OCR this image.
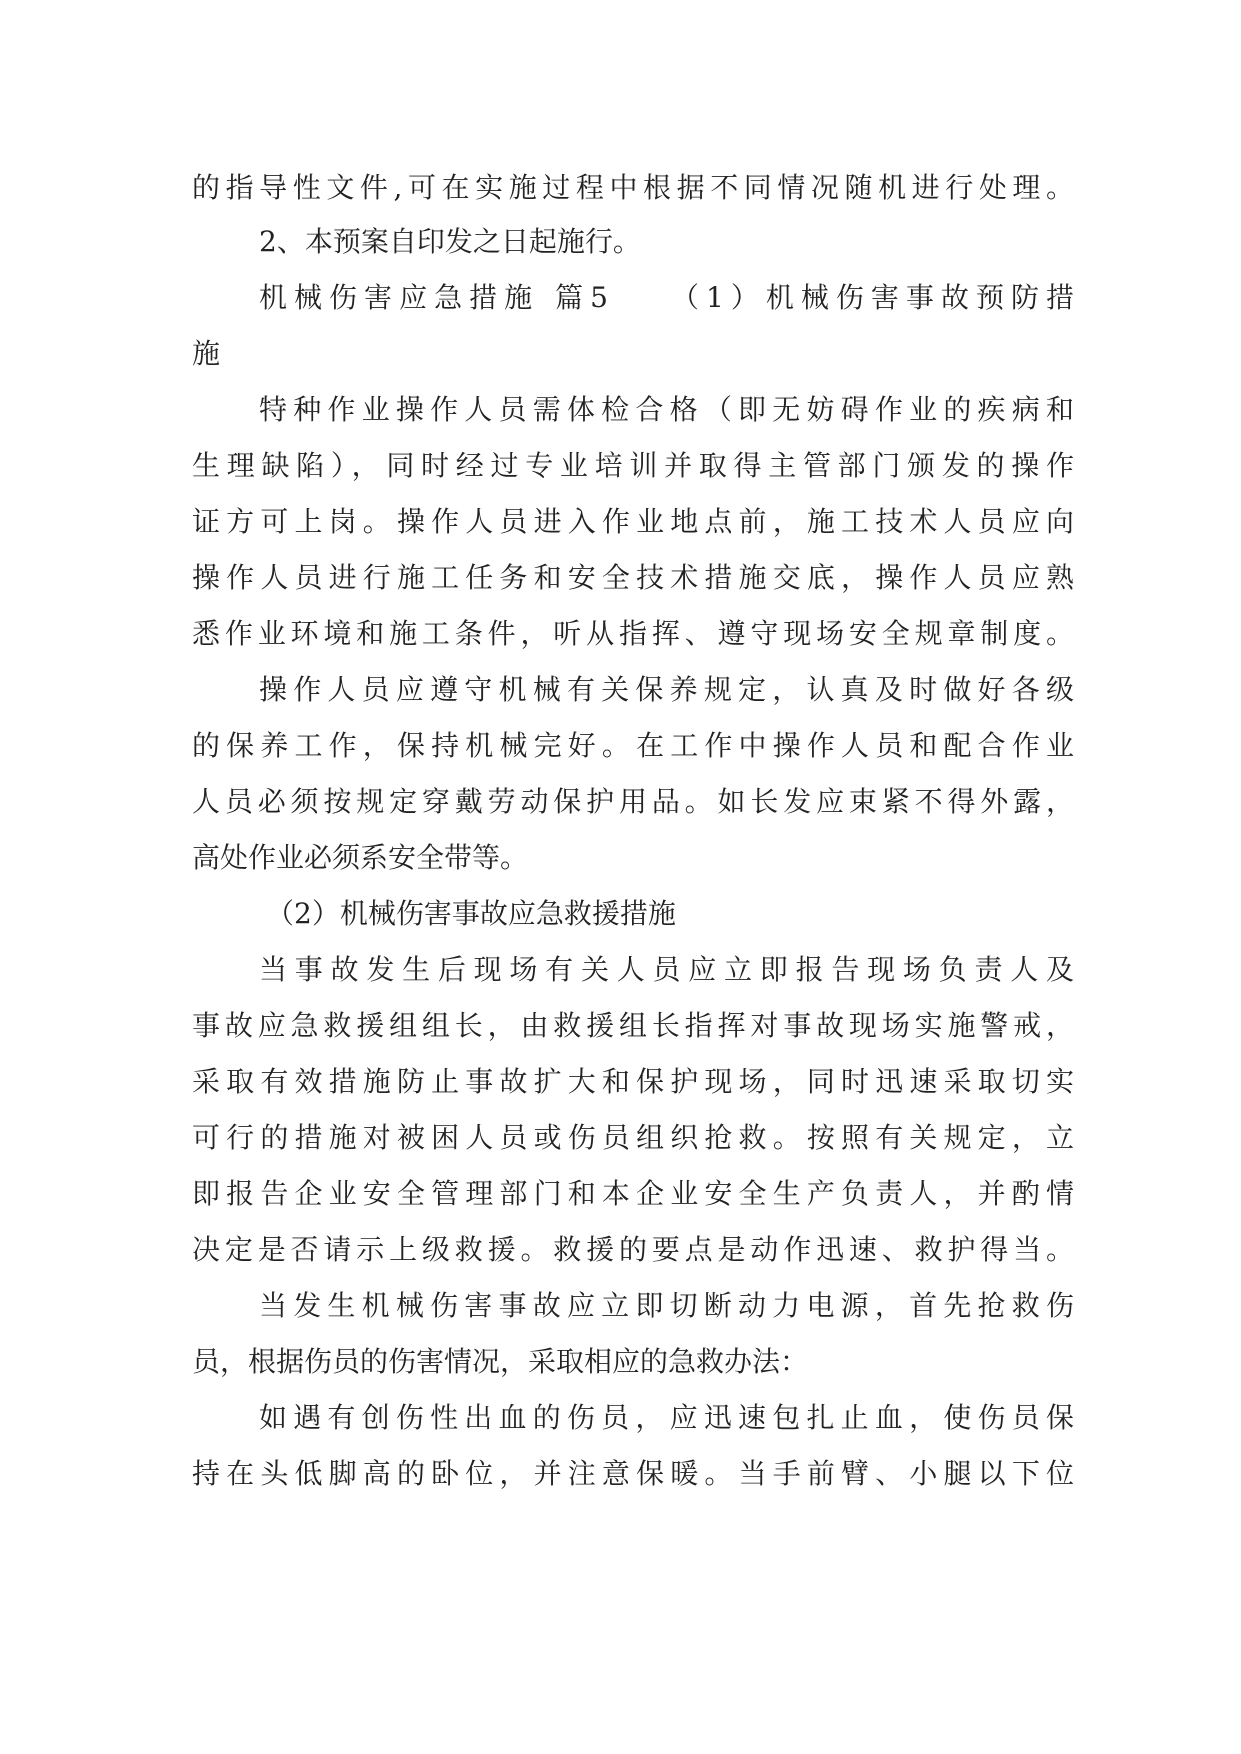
的指导性文件,可在实施过程中根据不同情况随机进行处理。
2、本预案自印发之日起施行。
机械伤害应急措施 篇5　　（1）机械伤害事故预防措
施
特种作业操作人员需体检合格（即无妨碍作业的疾病和
生理缺陷），同时经过专业培训并取得主管部门颁发的操作
证方可上岗。操作人员进入作业地点前，施工技术人员应向
操作人员进行施工任务和安全技术措施交底，操作人员应熟
悉作业环境和施工条件，听从指挥、遵守现场安全规章制度。
操作人员应遵守机械有关保养规定，认真及时做好各级
的保养工作，保持机械完好。在工作中操作人员和配合作业
人员必须按规定穿戴劳动保护用品。如长发应束紧不得外露，
高处作业必须系安全带等。
（2）机械伤害事故应急救援措施
当事故发生后现场有关人员应立即报告现场负责人及
事故应急救援组组长，由救援组长指挥对事故现场实施警戒，
采取有效措施防止事故扩大和保护现场，同时迅速采取切实
可行的措施对被困人员或伤员组织抢救。按照有关规定，立
即报告企业安全管理部门和本企业安全生产负责人，并酌情
决定是否请示上级救援。救援的要点是动作迅速、救护得当。
当发生机械伤害事故应立即切断动力电源，首先抢救伤
员，根据伤员的伤害情况，采取相应的急救办法：
如遇有创伤性出血的伤员，应迅速包扎止血，使伤员保
持在头低脚高的卧位，并注意保暖。当手前臂、小腿以下位
